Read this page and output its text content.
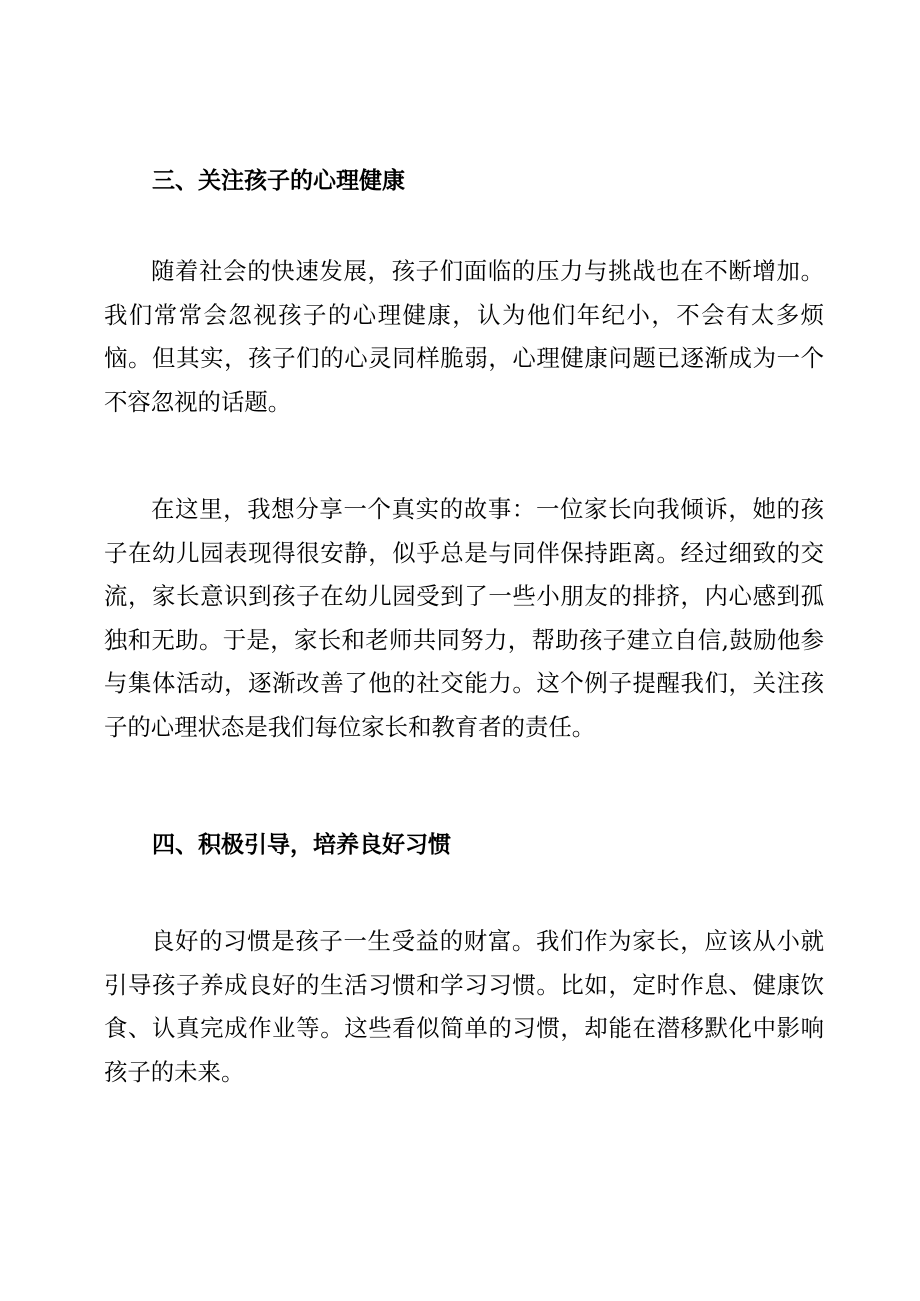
三、关注孩子的心理健康
随着社会的快速发展，孩子们面临的压力与挑战也在不断增加。我们常常会忽视孩子的心理健康，认为他们年纪小，不会有太多烦恼。但其实，孩子们的心灵同样脆弱，心理健康问题已逐渐成为一个不容忽视的话题。
在这里，我想分享一个真实的故事：一位家长向我倾诉，她的孩子在幼儿园表现得很安静，似乎总是与同伴保持距离。经过细致的交流，家长意识到孩子在幼儿园受到了一些小朋友的排挤，内心感到孤独和无助。于是，家长和老师共同努力，帮助孩子建立自信,鼓励他参与集体活动，逐渐改善了他的社交能力。这个例子提醒我们，关注孩子的心理状态是我们每位家长和教育者的责任。
四、积极引导，培养良好习惯
良好的习惯是孩子一生受益的财富。我们作为家长，应该从小就引导孩子养成良好的生活习惯和学习习惯。比如，定时作息、健康饮食、认真完成作业等。这些看似简单的习惯，却能在潜移默化中影响孩子的未来。
